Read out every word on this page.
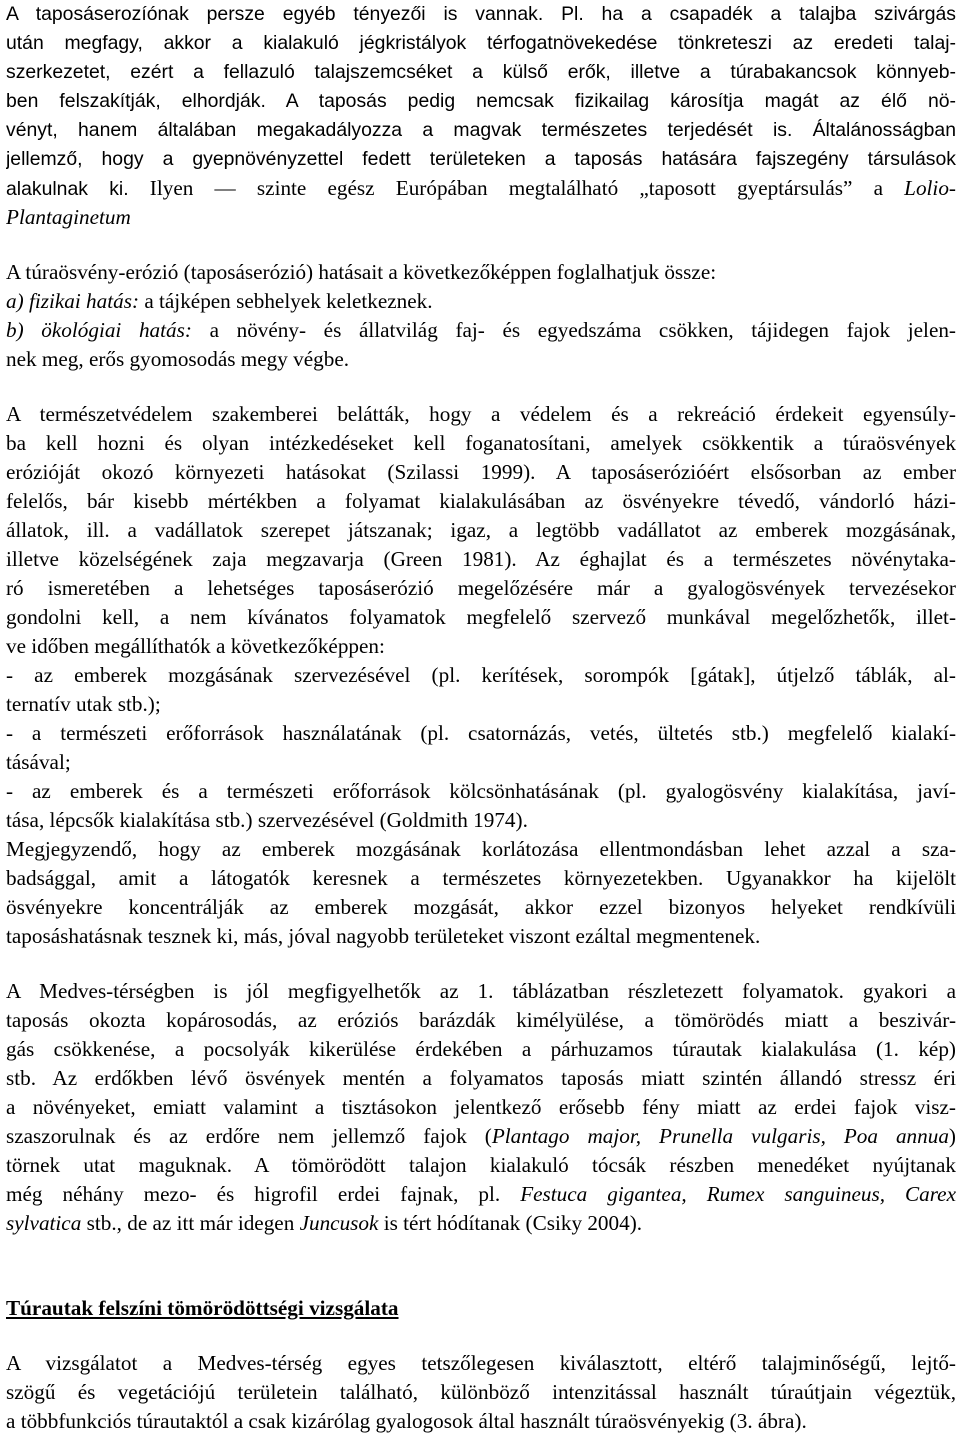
A taposáserozíónak persze egyéb tényezői is vannak. Pl. ha a csapadék a talajba szivárgás
után megfagy, akkor a kialakuló jégkristályok térfogatnövekedése tönkreteszi az eredeti talaj-
szerkezetet, ezért a fellazuló talajszemcséket a külső erők, illetve a túrabakancsok könnyeb-
ben felszakítják, elhordják. A taposás pedig nemcsak fizikailag károsítja magát az élő nö-
vényt, hanem általában megakadályozza a magvak természetes terjedését is. Általánosságban
jellemző, hogy a gyepnövényzettel fedett területeken a taposás hatására fajszegény társulások
alakulnak ki. Ilyen ― szinte egész Európában megtalálható „taposott gyeptársulás” a Lolio-
Plantaginetum
A túraösvény-erózió (taposáserózió) hatásait a következőképpen foglalhatjuk össze:
a) fizikai hatás: a tájképen sebhelyek keletkeznek.
b) ökológiai hatás: a növény- és állatvilág faj- és egyedszáma csökken, tájidegen fajok jelen-
nek meg, erős gyomosodás megy végbe.
A természetvédelem szakemberei belátták, hogy a védelem és a rekreáció érdekeit egyensúly-
ba kell hozni és olyan intézkedéseket kell foganatosítani, amelyek csökkentik a túraösvények
erózióját okozó környezeti hatásokat (Szilassi 1999). A taposáserózióért elsősorban az ember
felelős, bár kisebb mértékben a folyamat kialakulásában az ösvényekre tévedő, vándorló házi-
állatok, ill. a vadállatok szerepet játszanak; igaz, a legtöbb vadállatot az emberek mozgásának,
illetve közelségének zaja megzavarja (Green 1981). Az éghajlat és a természetes növénytaka-
ró ismeretében a lehetséges taposáserózió megelőzésére már a gyalogösvények tervezésekor
gondolni kell, a nem kívánatos folyamatok megfelelő szervező munkával megelőzhetők, illet-
ve időben megállíthatók a következőképpen:
- az emberek mozgásának szervezésével (pl. kerítések, sorompók [gátak], útjelző táblák, al-
ternatív utak stb.);
- a természeti erőforrások használatának (pl. csatornázás, vetés, ültetés stb.) megfelelő kialakí-
tásával;
- az emberek és a természeti erőforrások kölcsönhatásának (pl. gyalogösvény kialakítása, javí-
tása, lépcsők kialakítása stb.) szervezésével (Goldmith 1974).
Megjegyzendő, hogy az emberek mozgásának korlátozása ellentmondásban lehet azzal a sza-
badsággal, amit a látogatók keresnek a természetes környezetekben. Ugyanakkor ha kijelölt
ösvényekre koncentrálják az emberek mozgását, akkor ezzel bizonyos helyeket rendkívüli
taposáshatásnak tesznek ki, más, jóval nagyobb területeket viszont ezáltal megmentenek.
A Medves-térségben is jól megfigyelhetők az 1. táblázatban részletezett folyamatok. gyakori a
taposás okozta kopárosodás, az eróziós barázdák kimélyülése, a tömörödés miatt a beszivár-
gás csökkenése, a pocsolyák kikerülése érdekében a párhuzamos túrautak kialakulása (1. kép)
stb. Az erdőkben lévő ösvények mentén a folyamatos taposás miatt szintén állandó stressz éri
a növényeket, emiatt valamint a tisztásokon jelentkező erősebb fény miatt az erdei fajok visz-
szaszorulnak és az erdőre nem jellemző fajok (Plantago major, Prunella vulgaris, Poa annua)
törnek utat maguknak. A tömörödött talajon kialakuló tócsák részben menedéket nyújtanak
még néhány mezo- és higrofil erdei fajnak, pl. Festuca gigantea, Rumex sanguineus, Carex
sylvatica stb., de az itt már idegen Juncusok is tért hódítanak (Csiky 2004).
Túrautak felszíni tömörödöttségi vizsgálata
A vizsgálatot a Medves-térség egyes tetszőlegesen kiválasztott, eltérő talajminőségű, lejtő-
szögű és vegetációjú területein található, különböző intenzitással használt túraútjain végeztük,
a többfunkciós túrautaktól a csak kizárólag gyalogosok által használt túraösvényekig (3. ábra).
